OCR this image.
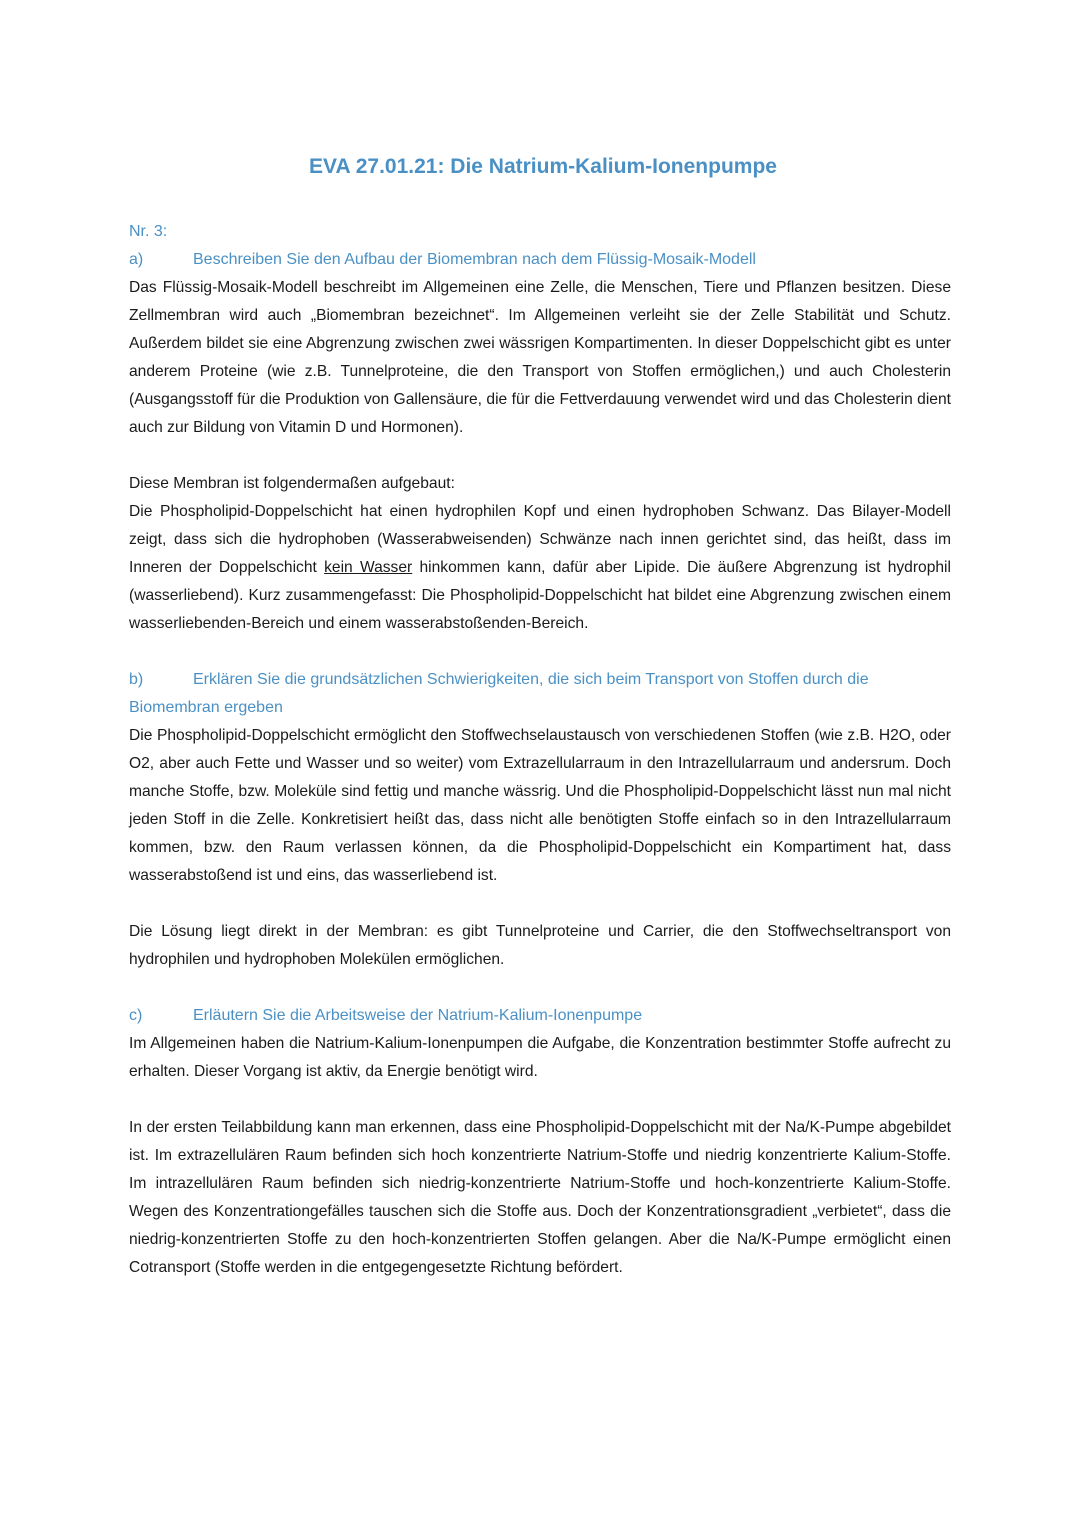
EVA 27.01.21: Die Natrium-Kalium-Ionenpumpe
Nr. 3:
a)	Beschreiben Sie den Aufbau der Biomembran nach dem Flüssig-Mosaik-Modell

Das Flüssig-Mosaik-Modell beschreibt im Allgemeinen eine Zelle, die Menschen, Tiere und Pflanzen besitzen. Diese Zellmembran wird auch „Biomembran bezeichnet“. Im Allgemeinen verleiht sie der Zelle Stabilität und Schutz. Außerdem bildet sie eine Abgrenzung zwischen zwei wässrigen Kompartimenten. In dieser Doppelschicht gibt es unter anderem Proteine (wie z.B. Tunnelproteine, die den Transport von Stoffen ermöglichen,) und auch Cholesterin (Ausgangsstoff für die Produktion von Gallensäure, die für die Fettverdauung verwendet wird und das Cholesterin dient auch zur Bildung von Vitamin D und Hormonen).

Diese Membran ist folgendermaßen aufgebaut:

Die Phospholipid-Doppelschicht hat einen hydrophilen Kopf und einen hydrophoben Schwanz. Das Bilayer-Modell zeigt, dass sich die hydrophoben (Wasserabweisenden) Schwänze nach innen gerichtet sind, das heißt, dass im Inneren der Doppelschicht kein Wasser hinkommen kann, dafür aber Lipide. Die äußere Abgrenzung ist hydrophil (wasserliebend). Kurz zusammengefasst: Die Phospholipid-Doppelschicht hat bildet eine Abgrenzung zwischen einem wasserliebenden-Bereich und einem wasserabstoßenden-Bereich.

b)	Erklären Sie die grundsätzlichen Schwierigkeiten, die sich beim Transport von Stoffen durch die Biomembran ergeben

Die Phospholipid-Doppelschicht ermöglicht den Stoffwechselaustausch von verschiedenen Stoffen (wie z.B. H2O, oder O2, aber auch Fette und Wasser und so weiter) vom Extrazellularraum in den Intrazellularraum und andersrum. Doch manche Stoffe, bzw. Moleküle sind fettig und manche wässrig. Und die Phospholipid-Doppelschicht lässt nun mal nicht jeden Stoff in die Zelle. Konkretisiert heißt das, dass nicht alle benötigten Stoffe einfach so in den Intrazellularraum kommen, bzw. den Raum verlassen können, da die Phospholipid-Doppelschicht ein Kompartiment hat, dass wasserabstoßend ist und eins, das wasserliebend ist.

Die Lösung liegt direkt in der Membran: es gibt Tunnelproteine und Carrier, die den Stoffwechseltransport von hydrophilen und hydrophoben Molekülen ermöglichen.

c)	Erläutern Sie die Arbeitsweise der Natrium-Kalium-Ionenpumpe

Im Allgemeinen haben die Natrium-Kalium-Ionenpumpen die Aufgabe, die Konzentration bestimmter Stoffe aufrecht zu erhalten. Dieser Vorgang ist aktiv, da Energie benötigt wird.

In der ersten Teilabbildung kann man erkennen, dass eine Phospholipid-Doppelschicht mit der Na/K-Pumpe abgebildet ist. Im extrazellulären Raum befinden sich hoch konzentrierte Natrium-Stoffe und niedrig konzentrierte Kalium-Stoffe. Im intrazellulären Raum befinden sich niedrig-konzentrierte Natrium-Stoffe und hoch-konzentrierte Kalium-Stoffe. Wegen des Konzentrationgefälles tauschen sich die Stoffe aus. Doch der Konzentrationsgradient „verbietet“, dass die niedrig-konzentrierten Stoffe zu den hoch-konzentrierten Stoffen gelangen. Aber die Na/K-Pumpe ermöglicht einen Cotransport (Stoffe werden in die entgegengesetzte Richtung befördert.
